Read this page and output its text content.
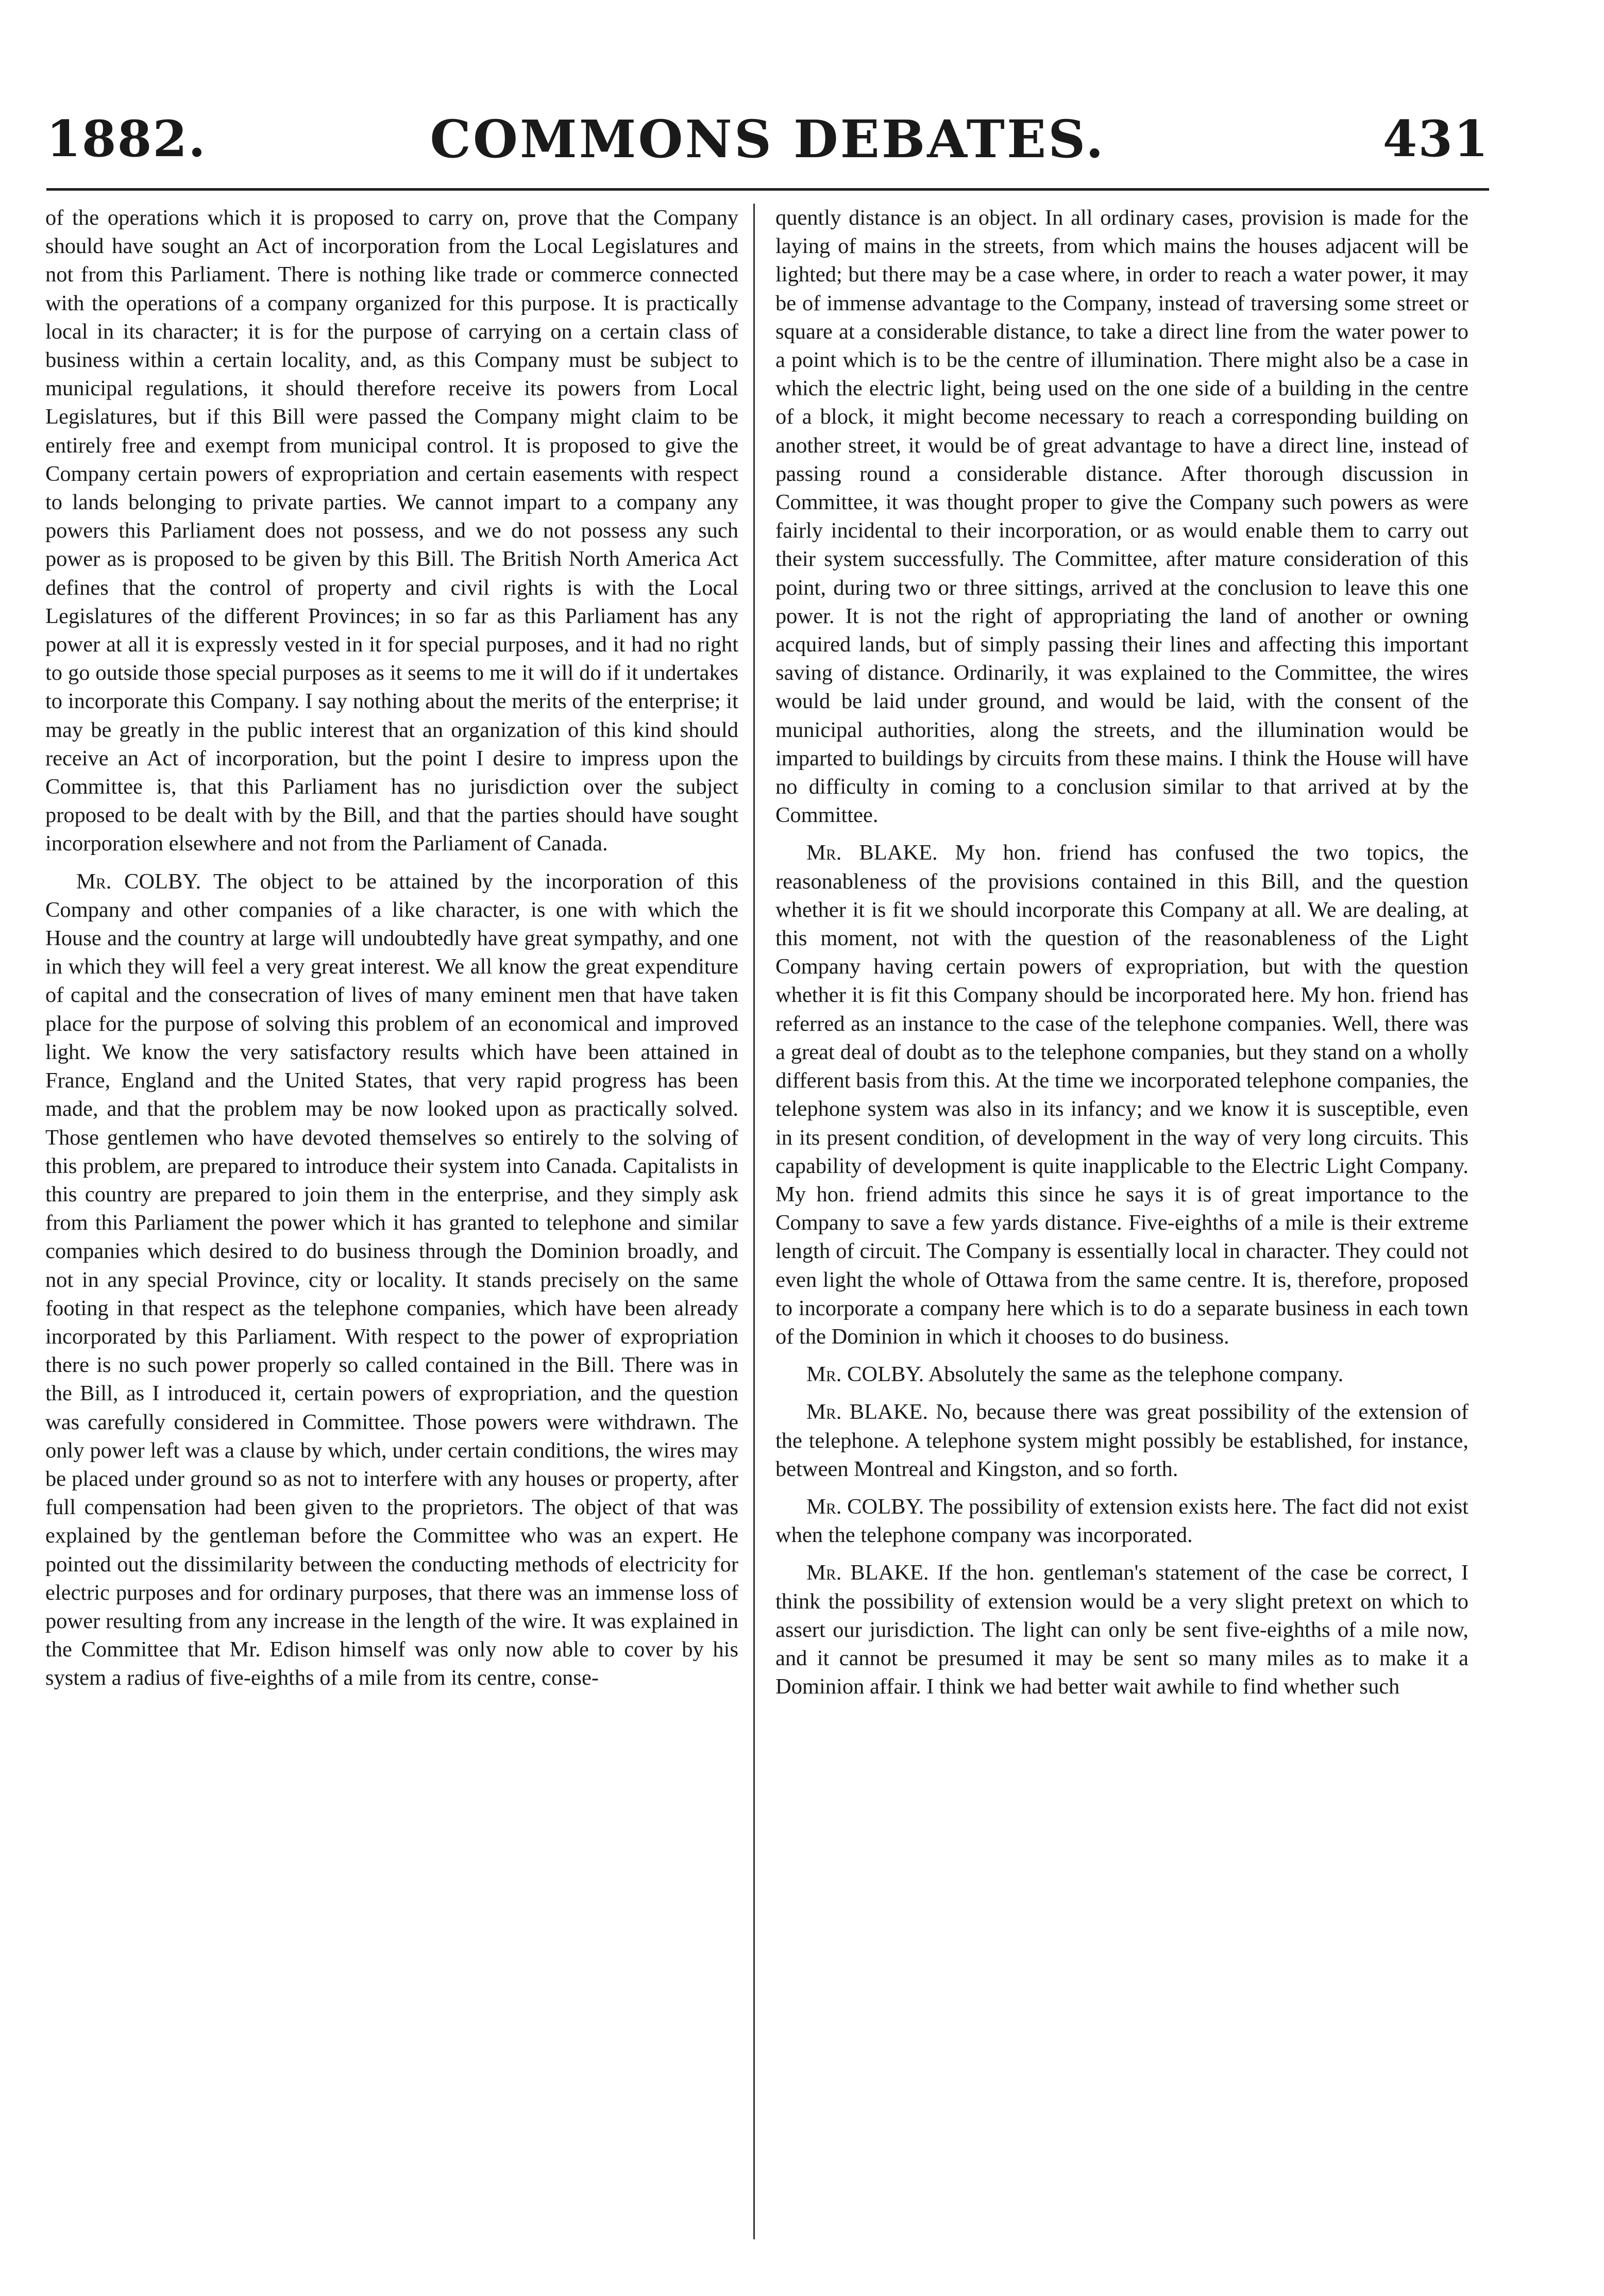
1882.	COMMONS DEBATES.	431

of the operations which it is proposed to carry on, prove that the Company should have sought an Act of incorporation from the Local Legislatures and not from this Parliament. There is nothing like trade or commerce connected with the operations of a company organized for this purpose. It is practically local in its character; it is for the purpose of carrying on a certain class of business within a certain locality, and, as this Company must be subject to municipal regulations, it should therefore receive its powers from Local Legislatures, but if this Bill were passed the Company might claim to be entirely free and exempt from municipal control. It is proposed to give the Company certain powers of expropriation and certain easements with respect to lands belonging to private parties. We cannot impart to a company any powers this Parliament does not possess, and we do not possess any such power as is proposed to be given by this Bill. The British North America Act defines that the control of property and civil rights is with the Local Legislatures of the different Provinces; in so far as this Parliament has any power at all it is expressly vested in it for special purposes, and it had no right to go outside those special purposes as it seems to me it will do if it undertakes to incorporate this Company. I say nothing about the merits of the enterprise; it may be greatly in the public interest that an organization of this kind should receive an Act of incorporation, but the point I desire to impress upon the Committee is, that this Parliament has no jurisdiction over the subject proposed to be dealt with by the Bill, and that the parties should have sought incorporation elsewhere and not from the Parliament of Canada.

Mr. COLBY. The object to be attained by the incorporation of this Company and other companies of a like character, is one with which the House and the country at large will undoubtedly have great sympathy, and one in which they will feel a very great interest. We all know the great expenditure of capital and the consecration of lives of many eminent men that have taken place for the purpose of solving this problem of an economical and improved light. We know the very satisfactory results which have been attained in France, England and the United States, that very rapid progress has been made, and that the problem may be now looked upon as practically solved. Those gentlemen who have devoted themselves so entirely to the solving of this problem, are prepared to introduce their system into Canada. Capitalists in this country are prepared to join them in the enterprise, and they simply ask from this Parliament the power which it has granted to telephone and similar companies which desired to do business through the Dominion broadly, and not in any special Province, city or locality. It stands precisely on the same footing in that respect as the telephone companies, which have been already incorporated by this Parliament. With respect to the power of expropriation there is no such power properly so called contained in the Bill. There was in the Bill, as I introduced it, certain powers of expropriation, and the question was carefully considered in Committee. Those powers were withdrawn. The only power left was a clause by which, under certain conditions, the wires may be placed under ground so as not to interfere with any houses or property, after full compensation had been given to the proprietors. The object of that was explained by the gentleman before the Committee who was an expert. He pointed out the dissimilarity between the conducting methods of electricity for electric purposes and for ordinary purposes, that there was an immense loss of power resulting from any increase in the length of the wire. It was explained in the Committee that Mr. Edison himself was only now able to cover by his system a radius of five-eighths of a mile from its centre, conse-

quently distance is an object. In all ordinary cases, provision is made for the laying of mains in the streets, from which mains the houses adjacent will be lighted; but there may be a case where, in order to reach a water power, it may be of immense advantage to the Company, instead of traversing some street or square at a considerable distance, to take a direct line from the water power to a point which is to be the centre of illumination. There might also be a case in which the electric light, being used on the one side of a building in the centre of a block, it might become necessary to reach a corresponding building on another street, it would be of great advantage to have a direct line, instead of passing round a considerable distance. After thorough discussion in Committee, it was thought proper to give the Company such powers as were fairly incidental to their incorporation, or as would enable them to carry out their system successfully. The Committee, after mature consideration of this point, during two or three sittings, arrived at the conclusion to leave this one power. It is not the right of appropriating the land of another or owning acquired lands, but of simply passing their lines and affecting this important saving of distance. Ordinarily, it was explained to the Committee, the wires would be laid under ground, and would be laid, with the consent of the municipal authorities, along the streets, and the illumination would be imparted to buildings by circuits from these mains. I think the House will have no difficulty in coming to a conclusion similar to that arrived at by the Committee.

Mr. BLAKE. My hon. friend has confused the two topics, the reasonableness of the provisions contained in this Bill, and the question whether it is fit we should incorporate this Company at all. We are dealing, at this moment, not with the question of the reasonableness of the Light Company having certain powers of expropriation, but with the question whether it is fit this Company should be incorporated here. My hon. friend has referred as an instance to the case of the telephone companies. Well, there was a great deal of doubt as to the telephone companies, but they stand on a wholly different basis from this. At the time we incorporated telephone companies, the telephone system was also in its infancy; and we know it is susceptible, even in its present condition, of development in the way of very long circuits. This capability of development is quite inapplicable to the Electric Light Company. My hon. friend admits this since he says it is of great importance to the Company to save a few yards distance. Five-eighths of a mile is their extreme length of circuit. The Company is essentially local in character. They could not even light the whole of Ottawa from the same centre. It is, therefore, proposed to incorporate a company here which is to do a separate business in each town of the Dominion in which it chooses to do business.

Mr. COLBY. Absolutely the same as the telephone company.

Mr. BLAKE. No, because there was great possibility of the extension of the telephone. A telephone system might possibly be established, for instance, between Montreal and Kingston, and so forth.

Mr. COLBY. The possibility of extension exists here. The fact did not exist when the telephone company was incorporated.

Mr. BLAKE. If the hon. gentleman's statement of the case be correct, I think the possibility of extension would be a very slight pretext on which to assert our jurisdiction. The light can only be sent five-eighths of a mile now, and it cannot be presumed it may be sent so many miles as to make it a Dominion affair. I think we had better wait awhile to find whether such
